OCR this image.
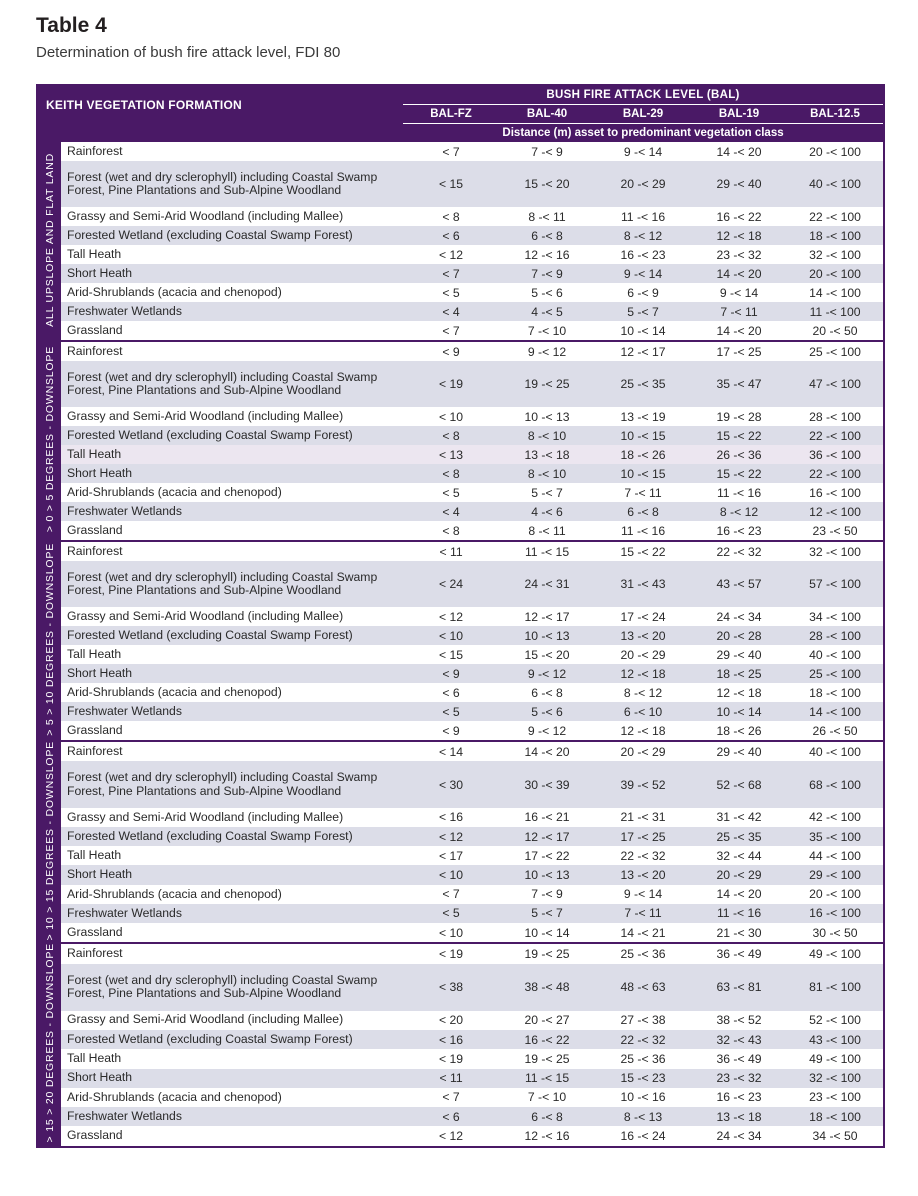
Table 4
Determination of bush fire attack level, FDI 80
KEITH VEGETATION FORMATION		BUSH FIRE ATTACK LEVEL (BAL)				
		BAL-FZ	BAL-40	BAL-29	BAL-19	BAL-12.5
		Distance (m) asset to predominant vegetation class				
ALL UPSLOPE AND FLAT LAND	Rainforest	< 7	7 -< 9	9 -< 14	14 -< 20	20 -< 100
	Forest (wet and dry sclerophyll) including Coastal Swamp Forest, Pine Plantations and Sub-Alpine Woodland	< 15	15 -< 20	20 -< 29	29 -< 40	40 -< 100
	Grassy and Semi-Arid Woodland (including Mallee)	< 8	8 -< 11	11 -< 16	16 -< 22	22 -< 100
	Forested Wetland (excluding Coastal Swamp Forest)	< 6	6 -< 8	8 -< 12	12 -< 18	18 -< 100
	Tall Heath	< 12	12 -< 16	16 -< 23	23 -< 32	32 -< 100
	Short Heath	< 7	7 -< 9	9 -< 14	14 -< 20	20 -< 100
	Arid-Shrublands (acacia and chenopod)	< 5	5 -< 6	6 -< 9	9 -< 14	14 -< 100
	Freshwater Wetlands	< 4	4 -< 5	5 -< 7	7 -< 11	11 -< 100
	Grassland	< 7	7 -< 10	10 -< 14	14 -< 20	20 -< 50
> 0 > 5 DEGREES - DOWNSLOPE	Rainforest	< 9	9 -< 12	12 -< 17	17 -< 25	25 -< 100
	Forest (wet and dry sclerophyll) including Coastal Swamp Forest, Pine Plantations and Sub-Alpine Woodland	< 19	19 -< 25	25 -< 35	35 -< 47	47 -< 100
	Grassy and Semi-Arid Woodland (including Mallee)	< 10	10 -< 13	13 -< 19	19 -< 28	28 -< 100
	Forested Wetland (excluding Coastal Swamp Forest)	< 8	8 -< 10	10 -< 15	15 -< 22	22 -< 100
	Tall Heath	< 13	13 -< 18	18 -< 26	26 -< 36	36 -< 100
	Short Heath	< 8	8 -< 10	10 -< 15	15 -< 22	22 -< 100
	Arid-Shrublands (acacia and chenopod)	< 5	5 -< 7	7 -< 11	11 -< 16	16 -< 100
	Freshwater Wetlands	< 4	4 -< 6	6 -< 8	8 -< 12	12 -< 100
	Grassland	< 8	8 -< 11	11 -< 16	16 -< 23	23 -< 50
> 5 > 10 DEGREES - DOWNSLOPE	Rainforest	< 11	11 -< 15	15 -< 22	22 -< 32	32 -< 100
	Forest (wet and dry sclerophyll) including Coastal Swamp Forest, Pine Plantations and Sub-Alpine Woodland	< 24	24 -< 31	31 -< 43	43 -< 57	57 -< 100
	Grassy and Semi-Arid Woodland (including Mallee)	< 12	12 -< 17	17 -< 24	24 -< 34	34 -< 100
	Forested Wetland (excluding Coastal Swamp Forest)	< 10	10 -< 13	13 -< 20	20 -< 28	28 -< 100
	Tall Heath	< 15	15 -< 20	20 -< 29	29 -< 40	40 -< 100
	Short Heath	< 9	9 -< 12	12 -< 18	18 -< 25	25 -< 100
	Arid-Shrublands (acacia and chenopod)	< 6	6 -< 8	8 -< 12	12 -< 18	18 -< 100
	Freshwater Wetlands	< 5	5 -< 6	6 -< 10	10 -< 14	14 -< 100
	Grassland	< 9	9 -< 12	12 -< 18	18 -< 26	26 -< 50
> 10 > 15 DEGREES - DOWNSLOPE	Rainforest	< 14	14 -< 20	20 -< 29	29 -< 40	40 -< 100
	Forest (wet and dry sclerophyll) including Coastal Swamp Forest, Pine Plantations and Sub-Alpine Woodland	< 30	30 -< 39	39 -< 52	52 -< 68	68 -< 100
	Grassy and Semi-Arid Woodland (including Mallee)	< 16	16 -< 21	21 -< 31	31 -< 42	42 -< 100
	Forested Wetland (excluding Coastal Swamp Forest)	< 12	12 -< 17	17 -< 25	25 -< 35	35 -< 100
	Tall Heath	< 17	17 -< 22	22 -< 32	32 -< 44	44 -< 100
	Short Heath	< 10	10 -< 13	13 -< 20	20 -< 29	29 -< 100
	Arid-Shrublands (acacia and chenopod)	< 7	7 -< 9	9 -< 14	14 -< 20	20 -< 100
	Freshwater Wetlands	< 5	5 -< 7	7 -< 11	11 -< 16	16 -< 100
	Grassland	< 10	10 -< 14	14 -< 21	21 -< 30	30 -< 50
> 15 > 20 DEGREES - DOWNSLOPE	Rainforest	< 19	19 -< 25	25 -< 36	36 -< 49	49 -< 100
	Forest (wet and dry sclerophyll) including Coastal Swamp Forest, Pine Plantations and Sub-Alpine Woodland	< 38	38 -< 48	48 -< 63	63 -< 81	81 -< 100
	Grassy and Semi-Arid Woodland (including Mallee)	< 20	20 -< 27	27 -< 38	38 -< 52	52 -< 100
	Forested Wetland (excluding Coastal Swamp Forest)	< 16	16 -< 22	22 -< 32	32 -< 43	43 -< 100
	Tall Heath	< 19	19 -< 25	25 -< 36	36 -< 49	49 -< 100
	Short Heath	< 11	11 -< 15	15 -< 23	23 -< 32	32 -< 100
	Arid-Shrublands (acacia and chenopod)	< 7	7 -< 10	10 -< 16	16 -< 23	23 -< 100
	Freshwater Wetlands	< 6	6 -< 8	8 -< 13	13 -< 18	18 -< 100
	Grassland	< 12	12 -< 16	16 -< 24	24 -< 34	34 -< 50
